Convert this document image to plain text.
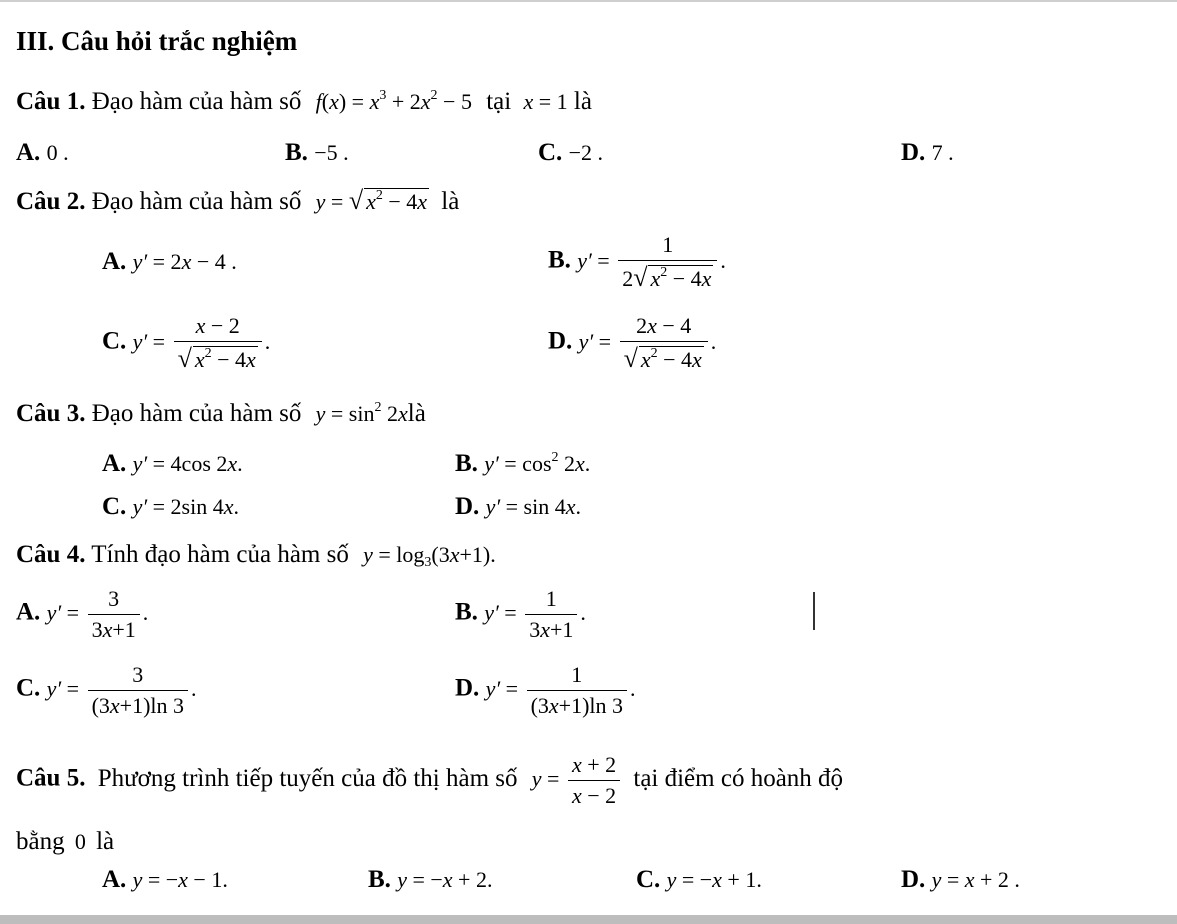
III. Câu hỏi trắc nghiệm
Câu 1. Đạo hàm của hàm số $f(x) = x^3 + 2x^2 - 5$ tại x = 1 là
A. 0 .	B. −5 .	C. −2 .	D. 7 .
Câu 2. Đạo hàm của hàm số y = √ $x^2 - 4x$ là
A. y′ = 2x − 4 .	B. $y' = \frac{1}{2√ x^2 - 4x}$ .
C. $y' = \frac{x - 2}{√ x^2 - 4x}$ .	D. $y' = \frac{2x - 4}{√ x^2 - 4x}$ .
Câu 3. Đạo hàm của hàm số $y = \sin^2$ 2xlà
A. y′ = 4cos 2x.	B. $y' = \cos^2 2x$.
C. y′ = 2sin 4x.	D. y′ = sin 4x.
Câu 4. Tính đạo hàm của hàm số $y = \log_3(3x+1)$.
A. $y' = \frac{3}{3x+1}$ .	B. $y' = \frac{1}{3x+1}$ .
C. $y' = \frac{3}{(3x+1)\ln 3}$ .	D. $y' = \frac{1}{(3x+1)\ln 3}$ .
Câu 5. Phương trình tiếp tuyến của đồ thị hàm số $y = \frac{x + 2}{x - 2}$ tại điểm có hoành độ
bằng 0 là
A. y = −x − 1.	B. y = −x + 2.	C. y = −x + 1.	D. y = x + 2 .
